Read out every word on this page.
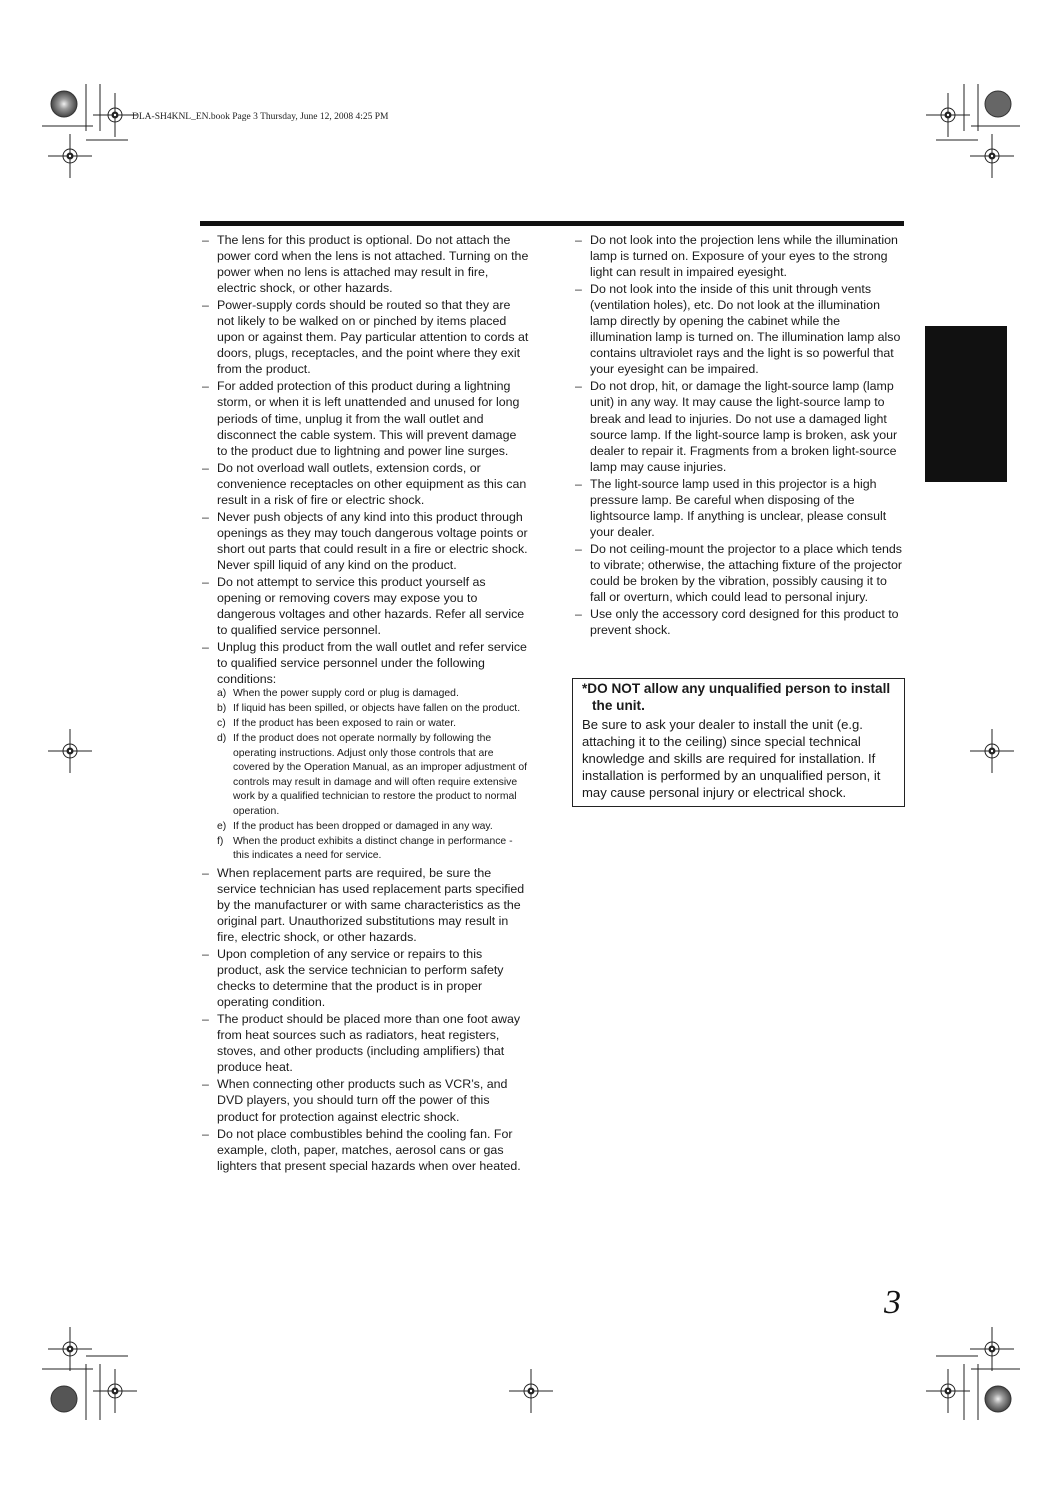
DLA-SH4KNL_EN.book Page 3 Thursday, June 12, 2008 4:25 PM
– The lens for this product is optional. Do not attach the power cord when the lens is not attached. Turning on the power when no lens is attached may result in fire, electric shock, or other hazards.
– Power-supply cords should be routed so that they are not likely to be walked on or pinched by items placed upon or against them. Pay particular attention to cords at doors, plugs, receptacles, and the point where they exit from the product.
– For added protection of this product during a lightning storm, or when it is left unattended and unused for long periods of time, unplug it from the wall outlet and disconnect the cable system. This will prevent damage to the product due to lightning and power line surges.
– Do not overload wall outlets, extension cords, or convenience receptacles on other equipment as this can result in a risk of fire or electric shock.
– Never push objects of any kind into this product through openings as they may touch dangerous voltage points or short out parts that could result in a fire or electric shock. Never spill liquid of any kind on the product.
– Do not attempt to service this product yourself as opening or removing covers may expose you to dangerous voltages and other hazards. Refer all service to qualified service personnel.
– Unplug this product from the wall outlet and refer service to qualified service personnel under the following conditions:
a) When the power supply cord or plug is damaged.
b) If liquid has been spilled, or objects have fallen on the product.
c) If the product has been exposed to rain or water.
d) If the product does not operate normally by following the operating instructions. Adjust only those controls that are covered by the Operation Manual, as an improper adjustment of controls may result in damage and will often require extensive work by a qualified technician to restore the product to normal operation.
e) If the product has been dropped or damaged in any way.
f) When the product exhibits a distinct change in performance - this indicates a need for service.
– When replacement parts are required, be sure the service technician has used replacement parts specified by the manufacturer or with same characteristics as the original part. Unauthorized substitutions may result in fire, electric shock, or other hazards.
– Upon completion of any service or repairs to this product, ask the service technician to perform safety checks to determine that the product is in proper operating condition.
– The product should be placed more than one foot away from heat sources such as radiators, heat registers, stoves, and other products (including amplifiers) that produce heat.
– When connecting other products such as VCR’s, and DVD players, you should turn off the power of this product for protection against electric shock.
– Do not place combustibles behind the cooling fan. For example, cloth, paper, matches, aerosol cans or gas lighters that present special hazards when over heated.
– Do not look into the projection lens while the illumination lamp is turned on. Exposure of your eyes to the strong light can result in impaired eyesight.
– Do not look into the inside of this unit through vents (ventilation holes), etc. Do not look at the illumination lamp directly by opening the cabinet while the illumination lamp is turned on. The illumination lamp also contains ultraviolet rays and the light is so powerful that your eyesight can be impaired.
– Do not drop, hit, or damage the light-source lamp (lamp unit) in any way. It may cause the light-source lamp to break and lead to injuries. Do not use a damaged light source lamp. If the light-source lamp is broken, ask your dealer to repair it. Fragments from a broken light-source lamp may cause injuries.
– The light-source lamp used in this projector is a high pressure lamp. Be careful when disposing of the lightsource lamp. If anything is unclear, please consult your dealer.
– Do not ceiling-mount the projector to a place which tends to vibrate; otherwise, the attaching fixture of the projector could be broken by the vibration, possibly causing it to fall or overturn, which could lead to personal injury.
– Use only the accessory cord designed for this product to prevent shock.
*DO NOT allow any unqualified person to install the unit.
Be sure to ask your dealer to install the unit (e.g. attaching it to the ceiling) since special technical knowledge and skills are required for installation. If installation is performed by an unqualified person, it may cause personal injury or electrical shock.
3
